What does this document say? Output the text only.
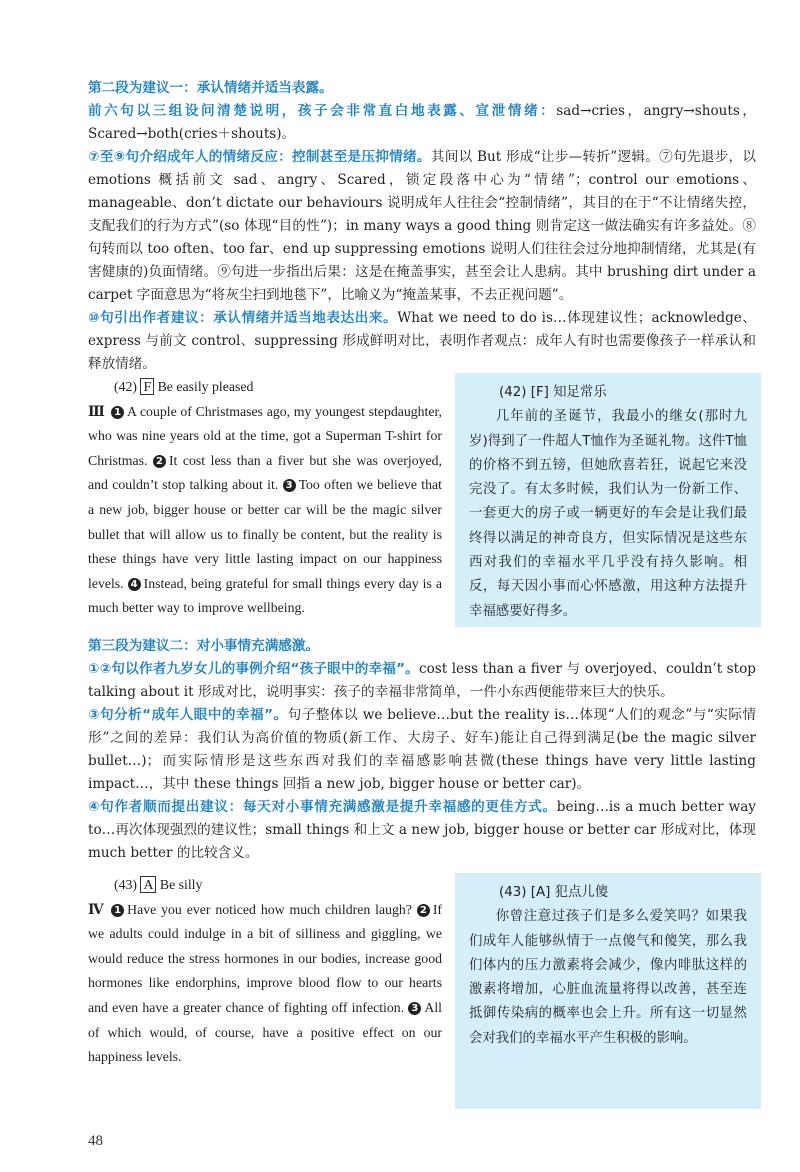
第二段为建议一：承认情绪并适当表露。

前六句以三组设问清楚说明，孩子会非常直白地表露、宣泄情绪：sad→cries，angry→shouts，Scared→both(cries＋shouts)。

⑦至⑨句介绍成年人的情绪反应：控制甚至是压抑情绪。其间以 But 形成“让步—转折”逻辑。⑦句先退步，以 emotions 概括前文 sad、angry、Scared，锁定段落中心为“情绪”；control our emotions、manageable、don’t dictate our behaviours 说明成年人往往会“控制情绪”，其目的在于“不让情绪失控，支配我们的行为方式”(so 体现“目的性”)；in many ways a good thing 则肯定这一做法确实有许多益处。⑧句转而以 too often、too far、end up suppressing emotions 说明人们往往会过分地抑制情绪，尤其是(有害健康的)负面情绪。⑨句进一步指出后果：这是在掩盖事实，甚至会让人患病。其中 brushing dirt under a carpet 字面意思为“将灰尘扫到地毯下”，比喻义为“掩盖某事，不去正视问题”。

⑩句引出作者建议：承认情绪并适当地表达出来。What we need to do is…体现建议性；acknowledge、express 与前文 control、suppressing 形成鲜明对比，表明作者观点：成年人有时也需要像孩子一样承认和释放情绪。

(42) F Be easily pleased
Ⅲ 1 A couple of Christmases ago, my youngest stepdaughter, who was nine years old at the time, got a Superman T-shirt for Christmas. 2 It cost less than a fiver but she was overjoyed, and couldn’t stop talking about it. 3 Too often we believe that a new job, bigger house or better car will be the magic silver bullet that will allow us to finally be content, but the reality is these things have very little lasting impact on our happiness levels. 4 Instead, being grateful for small things every day is a much better way to improve wellbeing.
(42) [F] 知足常乐

几年前的圣诞节，我最小的继女(那时九岁)得到了一件超人T恤作为圣诞礼物。这件T恤的价格不到五镑，但她欣喜若狂，说起它来没完没了。有太多时候，我们认为一份新工作、一套更大的房子或一辆更好的车会是让我们最终得以满足的神奇良方，但实际情况是这些东西对我们的幸福水平几乎没有持久影响。相反，每天因小事而心怀感激，用这种方法提升幸福感要好得多。

第三段为建议二：对小事情充满感激。

①②句以作者九岁女儿的事例介绍“孩子眼中的幸福”。cost less than a fiver 与 overjoyed、couldn’t stop talking about it 形成对比，说明事实：孩子的幸福非常简单，一件小东西便能带来巨大的快乐。

③句分析“成年人眼中的幸福”。句子整体以 we believe…but the reality is…体现“人们的观念”与“实际情形”之间的差异：我们认为高价值的物质(新工作、大房子、好车)能让自己得到满足(be the magic silver bullet…)；而实际情形是这些东西对我们的幸福感影响甚微(these things have very little lasting impact…，其中 these things 回指 a new job, bigger house or better car)。

④句作者顺而提出建议：每天对小事情充满感激是提升幸福感的更佳方式。being…is a much better way to…再次体现强烈的建议性；small things 和上文 a new job, bigger house or better car 形成对比，体现 much better 的比较含义。

(43) A Be silly
Ⅳ 1 Have you ever noticed how much children laugh? 2 If we adults could indulge in a bit of silliness and giggling, we would reduce the stress hormones in our bodies, increase good hormones like endorphins, improve blood flow to our hearts and even have a greater chance of fighting off infection. 3 All of which would, of course, have a positive effect on our happiness levels.
(43) [A] 犯点儿傻

你曾注意过孩子们是多么爱笑吗？如果我们成年人能够纵情于一点傻气和傻笑，那么我们体内的压力激素将会减少，像内啡肽这样的激素将增加，心脏血流量将得以改善，甚至连抵御传染病的概率也会上升。所有这一切显然会对我们的幸福水平产生积极的影响。

48
